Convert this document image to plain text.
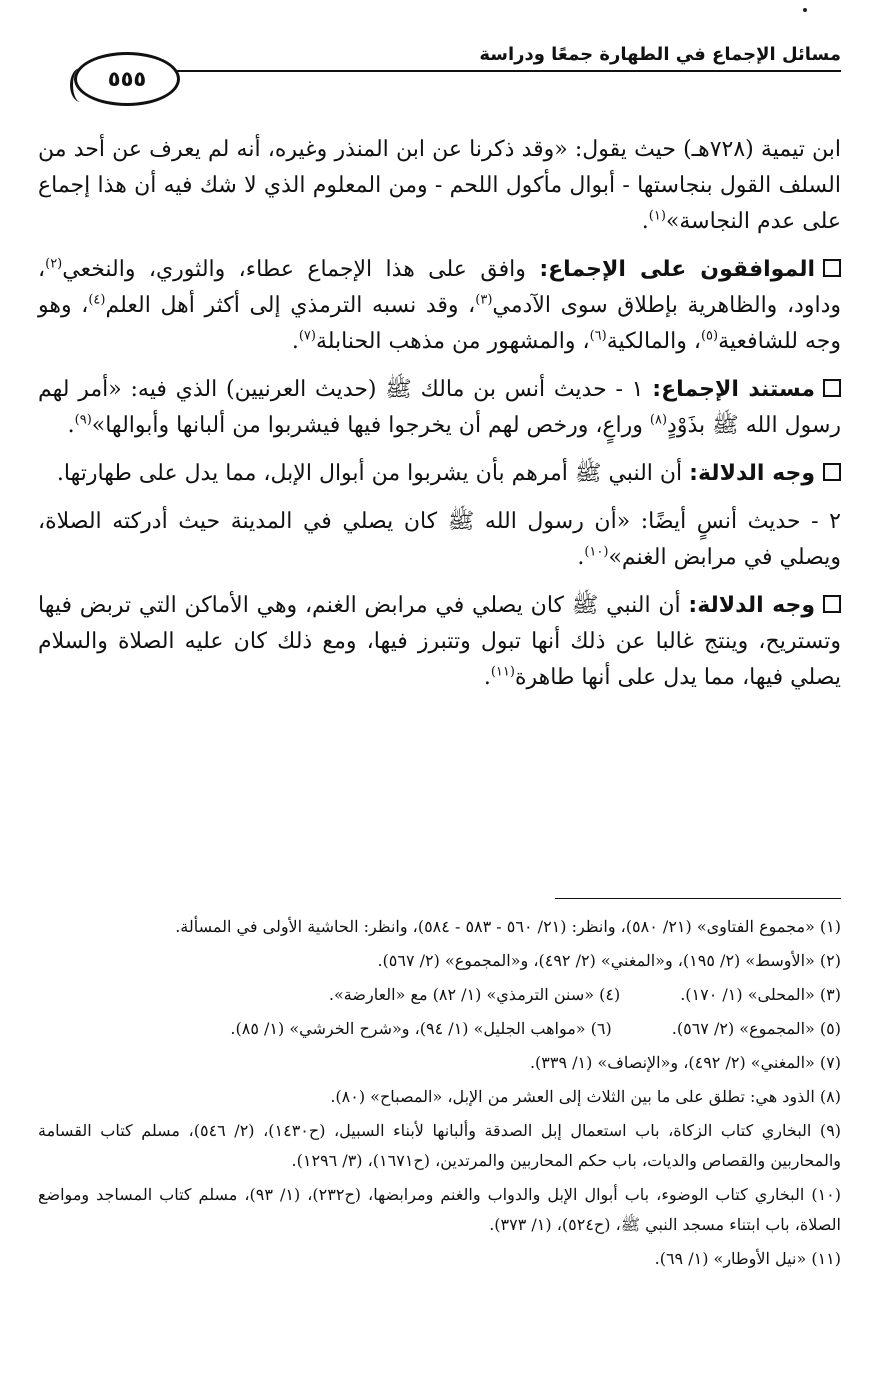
مسائل الإجماع في الطهارة جمعًا ودراسة
٥٥٥

ابن تيمية (٧٢٨هـ) حيث يقول: «وقد ذكرنا عن ابن المنذر وغيره، أنه لم يعرف عن أحد من السلف القول بنجاستها - أبوال مأكول اللحم - ومن المعلوم الذي لا شك فيه أن هذا إجماع على عدم النجاسة»$^{(١)}$.

الموافقون على الإجماع: وافق على هذا الإجماع عطاء، والثوري، والنخعي$^{(٢)}$، وداود، والظاهرية بإطلاق سوى الآدمي$^{(٣)}$، وقد نسبه الترمذي إلى أكثر أهل العلم$^{(٤)}$، وهو وجه للشافعية$^{(٥)}$، والمالكية$^{(٦)}$، والمشهور من مذهب الحنابلة$^{(٧)}$.

مستند الإجماع: ١ - حديث أنس بن مالك ﷺ (حديث العرنيين) الذي فيه: «أمر لهم رسول الله ﷺ بذَوْدٍ$^{(٨)}$ وراعٍ، ورخص لهم أن يخرجوا فيها فيشربوا من ألبانها وأبوالها»$^{(٩)}$.

وجه الدلالة: أن النبي ﷺ أمرهم بأن يشربوا من أبوال الإبل، مما يدل على طهارتها.

٢ - حديث أنسٍ أيضًا: «أن رسول الله ﷺ كان يصلي في المدينة حيث أدركته الصلاة، ويصلي في مرابض الغنم»$^{(١٠)}$.

وجه الدلالة: أن النبي ﷺ كان يصلي في مرابض الغنم، وهي الأماكن التي تربض فيها وتستريح، وينتج غالبا عن ذلك أنها تبول وتتبرز فيها، ومع ذلك كان عليه الصلاة والسلام يصلي فيها، مما يدل على أنها طاهرة$^{(١١)}$.

(١) «مجموع الفتاوى» (٢١/ ٥٨٠)، وانظر: (٢١/ ٥٦٠ - ٥٨٣ - ٥٨٤)، وانظر: الحاشية الأولى في المسألة.
(٢) «الأوسط» (٢/ ١٩٥)، و«المغني» (٢/ ٤٩٢)، و«المجموع» (٢/ ٥٦٧).
(٣) «المحلى» (١/ ١٧٠).
(٤) «سنن الترمذي» (١/ ٨٢) مع «العارضة».
(٥) «المجموع» (٢/ ٥٦٧).
(٦) «مواهب الجليل» (١/ ٩٤)، و«شرح الخرشي» (١/ ٨٥).
(٧) «المغني» (٢/ ٤٩٢)، و«الإنصاف» (١/ ٣٣٩).
(٨) الذود هي: تطلق على ما بين الثلاث إلى العشر من الإبل، «المصباح» (٨٠).
(٩) البخاري كتاب الزكاة، باب استعمال إبل الصدقة وألبانها لأبناء السبيل، (ح١٤٣٠)، (٢/ ٥٤٦)، مسلم كتاب القسامة والمحاربين والقصاص والديات، باب حكم المحاربين والمرتدين، (ح١٦٧١)، (٣/ ١٢٩٦).
(١٠) البخاري كتاب الوضوء، باب أبوال الإبل والدواب والغنم ومرابضها، (ح٢٣٢)، (١/ ٩٣)، مسلم كتاب المساجد ومواضع الصلاة، باب ابتناء مسجد النبي ﷺ، (ح٥٢٤)، (١/ ٣٧٣).
(١١) «نيل الأوطار» (١/ ٦٩).
